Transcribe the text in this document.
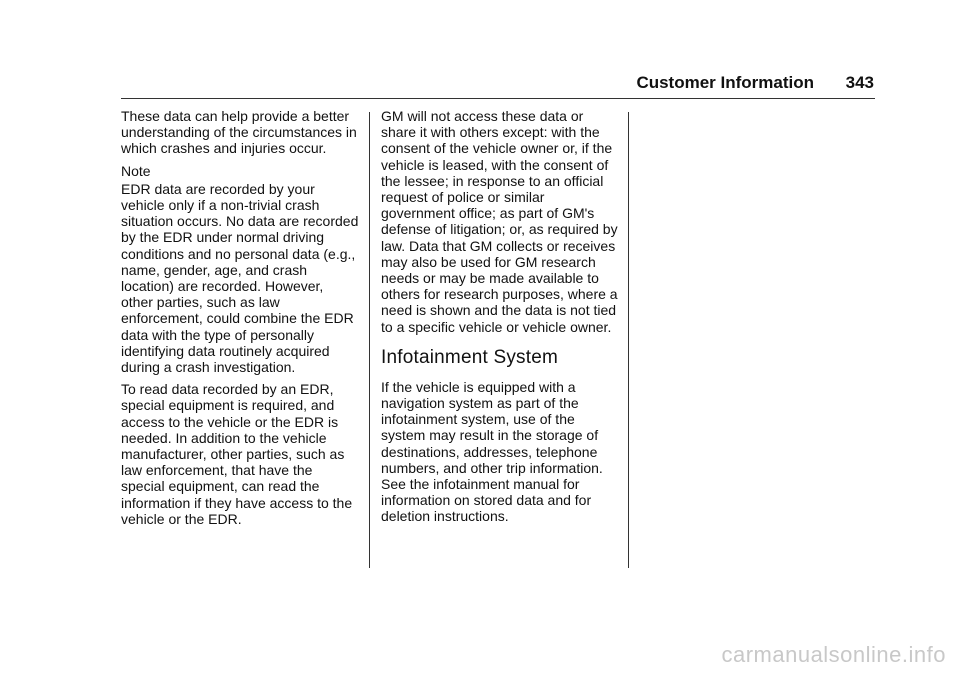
Customer Information 343

These data can help provide a better understanding of the circumstances in which crashes and injuries occur.

Note

EDR data are recorded by your vehicle only if a non-trivial crash situation occurs. No data are recorded by the EDR under normal driving conditions and no personal data (e.g., name, gender, age, and crash location) are recorded. However, other parties, such as law enforcement, could combine the EDR data with the type of personally identifying data routinely acquired during a crash investigation.

To read data recorded by an EDR, special equipment is required, and access to the vehicle or the EDR is needed. In addition to the vehicle manufacturer, other parties, such as law enforcement, that have the special equipment, can read the information if they have access to the vehicle or the EDR.

GM will not access these data or share it with others except: with the consent of the vehicle owner or, if the vehicle is leased, with the consent of the lessee; in response to an official request of police or similar government office; as part of GM's defense of litigation; or, as required by law. Data that GM collects or receives may also be used for GM research needs or may be made available to others for research purposes, where a need is shown and the data is not tied to a specific vehicle or vehicle owner.

Infotainment System

If the vehicle is equipped with a navigation system as part of the infotainment system, use of the system may result in the storage of destinations, addresses, telephone numbers, and other trip information. See the infotainment manual for information on stored data and for deletion instructions.

carmanualsonline.info
